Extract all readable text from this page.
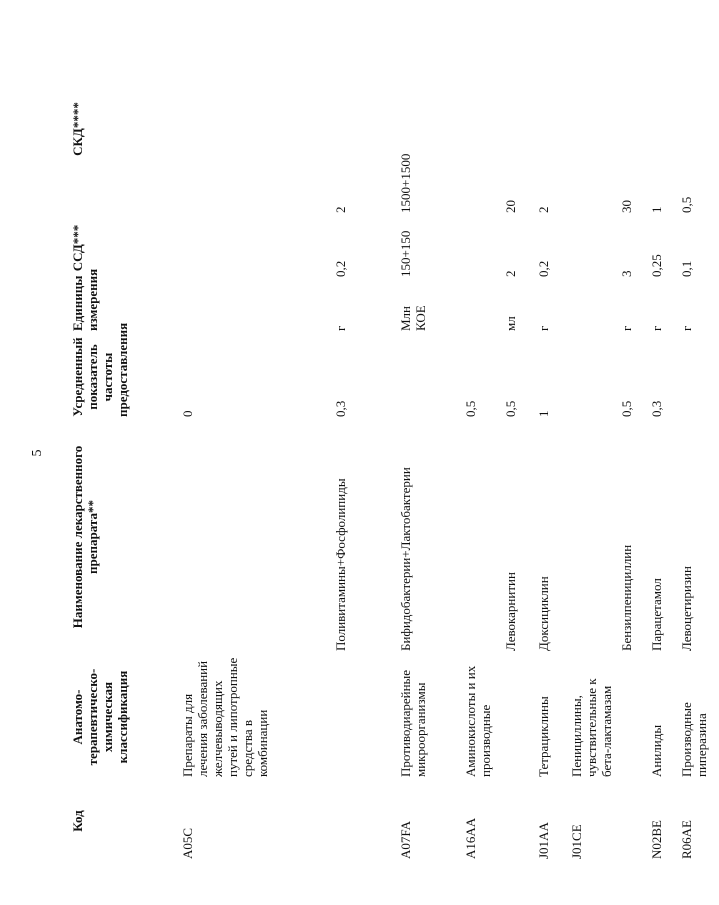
5
Код	Анатомо-терапевтическо-химическая классификация	Наименование лекарственного препарата**	Усредненный показатель частоты предоставления	Единицы измерения	ССД***	СКД****
A05C	Препараты для лечения заболеваний желчевыводящих путей и липотропные средства в комбинации		0			
		Поливитамины+Фосфолипиды	0,3	г	0,2	2
A07FA	Противодиарейные микроорганизмы	Бифидобактерии+Лактобактерии		Млн КОЕ	150+150	1500+1500
A16AA	Аминокислоты и их производные		0,5			
		Левокарнитин	0,5	мл	2	20
J01AA	Тетрациклины	Доксициклин	1	г	0,2	2
J01CE	Пенициллины, чувствительные к бета-лактамазам					
		Бензилпенициллин	0,5	г	3	30
N02BE	Анилиды	Парацетамол	0,3	г	0,25	1
R06AE	Производные пиперазина	Левоцетиризин		г	0,1	0,5
